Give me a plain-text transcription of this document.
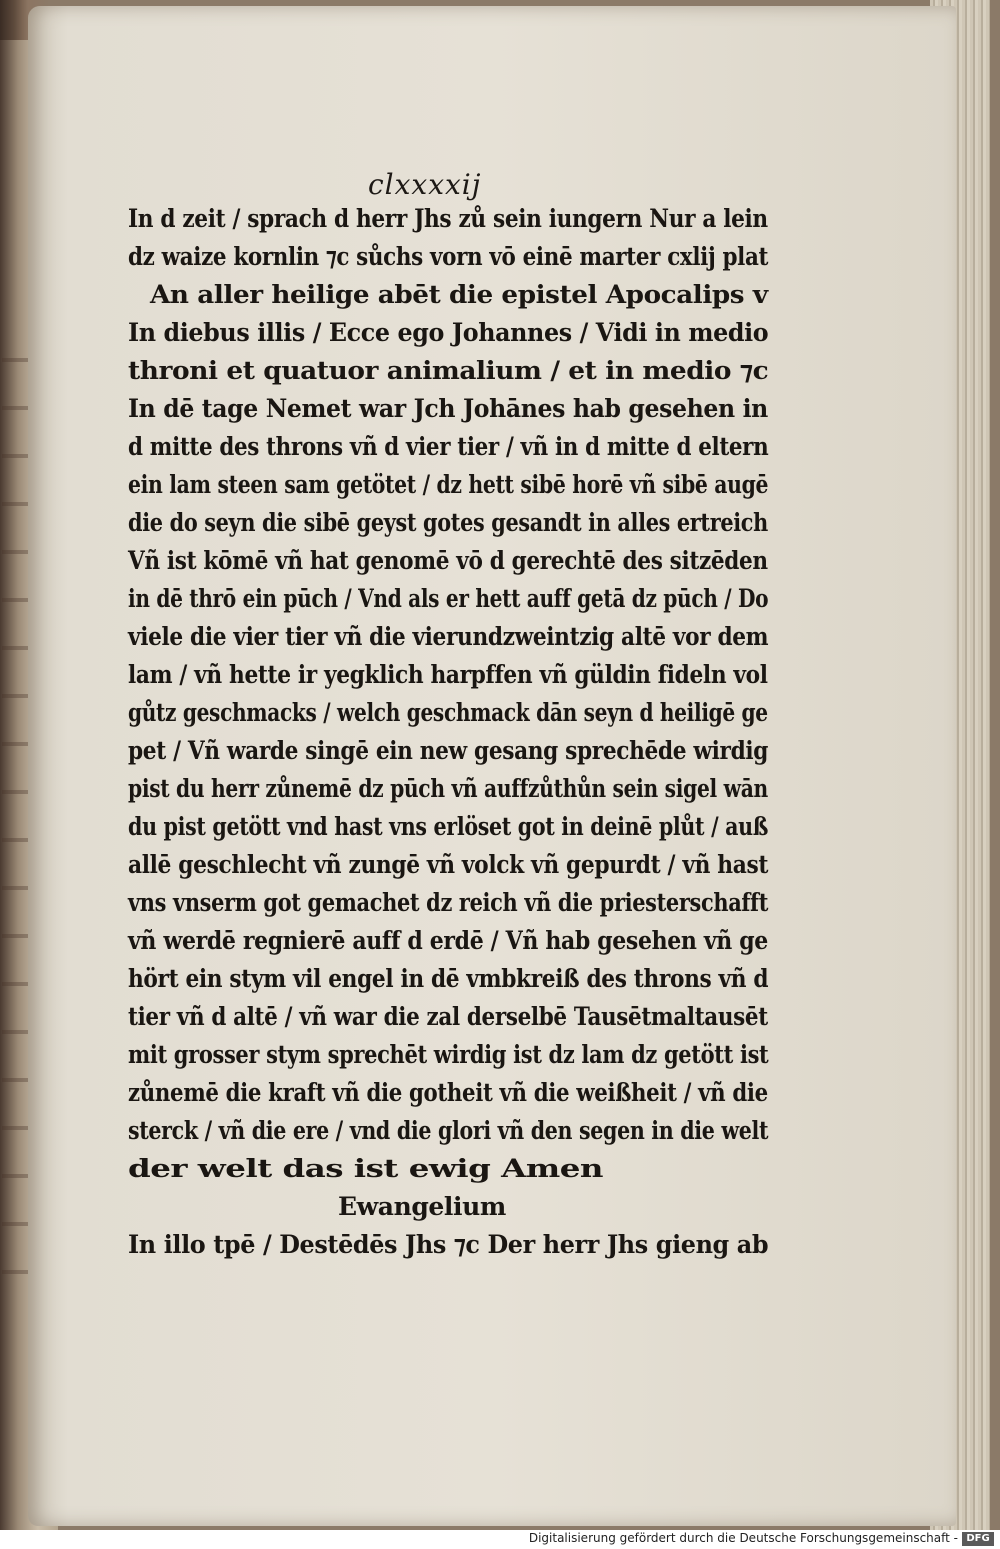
clxxxxij
In d zeit / sprach d herr Jhs zů sein iungern Nur a lein
dz waize kornlin ⁊c sůchs vorn vō einē marter cxlij plat
An aller heilige abēt die epistel Apocalips v
In diebus illis / Ecce ego Johannes / Vidi in medio
throni et quatuor animalium / et in medio ⁊c
In dē tage Nemet war Jch Johānes hab gesehen in
d mitte des throns vñ d vier tier / vñ in d mitte d eltern
ein lam steen sam getötet / dz hett sibē horē vñ sibē augē
die do seyn die sibē geyst gotes gesandt in alles ertreich
Vñ ist kōmē vñ hat genomē vō d gerechtē des sitzēden
in dē thrō ein pūch / Vnd als er hett auff getā dz pūch / Do
viele die vier tier vñ die vierundzweintzig altē vor dem
lam / vñ hette ir yegklich harpffen vñ güldin fideln vol
gůtz geschmacks / welch geschmack dān seyn d heiligē ge
pet / Vñ warde singē ein new gesang sprechēde wirdig
pist du herr zůnemē dz pūch vñ auffzůthůn sein sigel wān
du pist getött vnd hast vns erlöset got in deinē plůt / auß
allē geschlecht vñ zungē vñ volck vñ gepurdt / vñ hast
vns vnserm got gemachet dz reich vñ die priesterschafft
vñ werdē regnierē auff d erdē / Vñ hab gesehen vñ ge
hört ein stym vil engel in dē vmbkreiß des throns vñ d
tier vñ d altē / vñ war die zal derselbē Tausētmaltausēt
mit grosser stym sprechēt wirdig ist dz lam dz getött ist
zůnemē die kraft vñ die gotheit vñ die weißheit / vñ die
sterck / vñ die ere / vnd die glori vñ den segen in die welt
der welt das ist ewig Amen
Ewangelium
In illo tpē / Destēdēs Jhs ⁊c Der herr Jhs gieng ab
Digitalisierung gefördert durch die Deutsche Forschungsgemeinschaft - DFG
